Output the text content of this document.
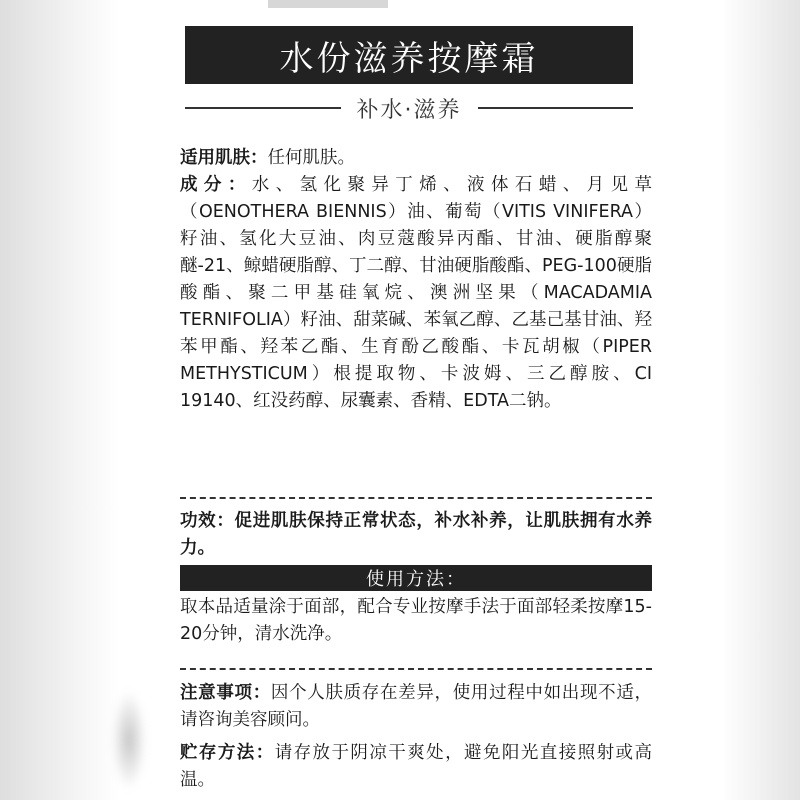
水份滋养按摩霜
补水·滋养
适用肌肤：任何肌肤。
成分：水、氢化聚异丁烯、液体石蜡、月见草（OENOTHERA BIENNIS）油、葡萄（VITIS VINIFERA）籽油、氢化大豆油、肉豆蔻酸异丙酯、甘油、硬脂醇聚醚-21、鲸蜡硬脂醇、丁二醇、甘油硬脂酸酯、PEG-100硬脂酸酯、聚二甲基硅氧烷、澳洲坚果（MACADAMIA TERNIFOLIA）籽油、甜菜碱、苯氧乙醇、乙基己基甘油、羟苯甲酯、羟苯乙酯、生育酚乙酸酯、卡瓦胡椒（PIPER METHYSTICUM）根提取物、卡波姆、三乙醇胺、CI 19140、红没药醇、尿囊素、香精、EDTA二钠。
功效：促进肌肤保持正常状态，补水补养，让肌肤拥有水养力。
使用方法：
取本品适量涂于面部，配合专业按摩手法于面部轻柔按摩15-20分钟，清水洗净。
注意事项：因个人肤质存在差异，使用过程中如出现不适，请咨询美容顾问。
贮存方法：请存放于阴凉干爽处，避免阳光直接照射或高温。
